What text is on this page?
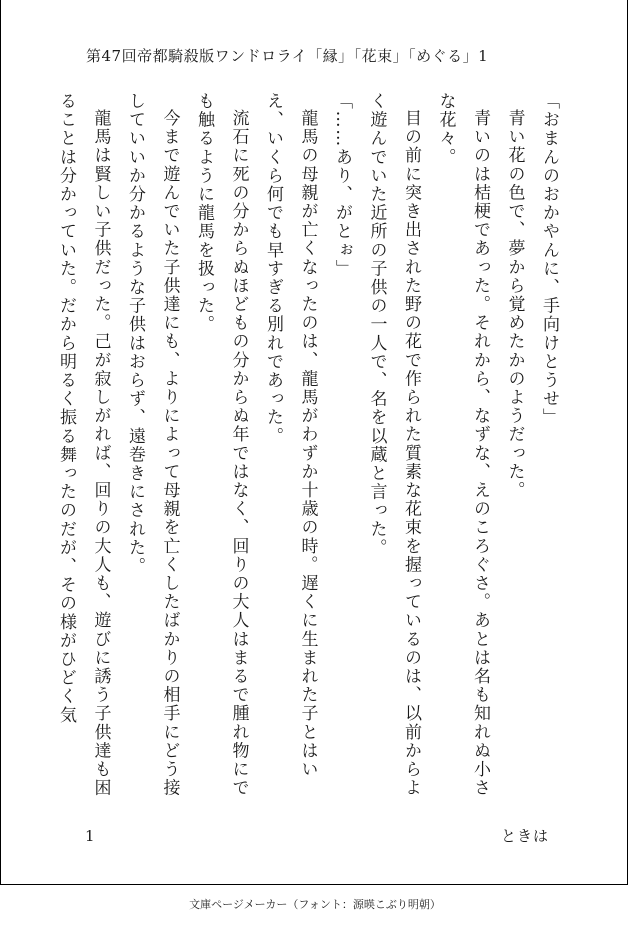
第47回帝都騎殺版ワンドロライ「縁」「花束」「めぐる」1

「おまんのおかやんに、手向けとうせ」

青い花の色で、夢から覚めたかのようだった。

青いのは桔梗であった。それから、なずな、えのころぐさ。あとは名も知れぬ小さな花々。

目の前に突き出された野の花で作られた質素な花束を握っているのは、以前からよく遊んでいた近所の子供の一人で、名を以蔵と言った。

「……あり、がとぉ」

龍馬の母親が亡くなったのは、龍馬がわずか十歳の時。遅くに生まれた子とはいえ、いくら何でも早すぎる別れであった。

流石に死の分からぬほどもの分からぬ年ではなく、回りの大人はまるで腫れ物にでも触るように龍馬を扱った。

今まで遊んでいた子供達にも、よりによって母親を亡くしたばかりの相手にどう接していいか分かるような子供はおらず、遠巻きにされた。

龍馬は賢しい子供だった。己が寂しがれば、回りの大人も、遊びに誘う子供達も困ることは分かっていた。だから明るく振る舞ったのだが、その様がひどく気

1	ときは
文庫ページメーカー（フォント：源暎こぶり明朝）
